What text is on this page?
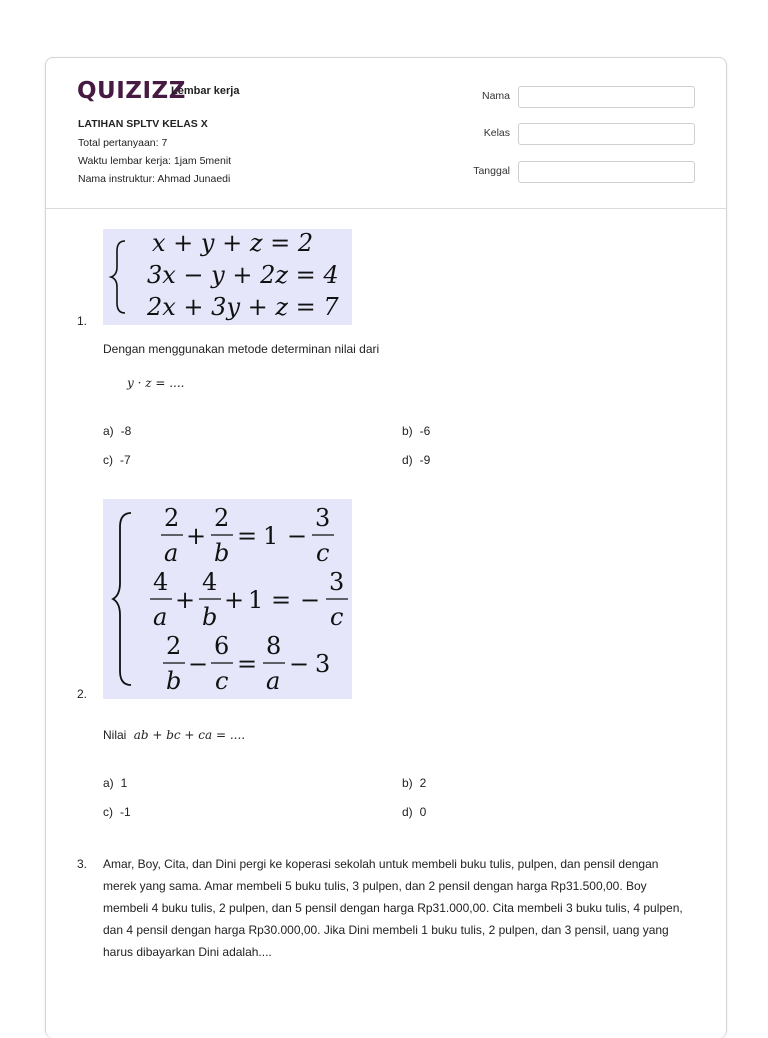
QUIZIZZ
Lembar kerja
LATIHAN SPLTV KELAS X
Total pertanyaan: 7
Waktu lembar kerja: 1jam 5menit
Nama instruktur: Ahmad Junaedi
Nama
Kelas
Tanggal
1.
x + y + z = 2
3x − y + 2z = 4
2x + 3y + z = 7
Dengan menggunakan metode determinan nilai dari
y · z = ....
a) -8	b) -6
c) -7	d) -9
2.
2
a
+
2
b
= 1 −
3
c
4
a
+
4
b
+ 1 = −
3
c
2
b
−
6
c
=
8
a
− 3
Nilai ab + bc + ca = ....
a) 1	b) 2
c) -1	d) 0
3. Amar, Boy, Cita, dan Dini pergi ke koperasi sekolah untuk membeli buku tulis, pulpen, dan pensil dengan merek yang sama. Amar membeli 5 buku tulis, 3 pulpen, dan 2 pensil dengan harga Rp31.500,00. Boy membeli 4 buku tulis, 2 pulpen, dan 5 pensil dengan harga Rp31.000,00. Cita membeli 3 buku tulis, 4 pulpen, dan 4 pensil dengan harga Rp30.000,00. Jika Dini membeli 1 buku tulis, 2 pulpen, dan 3 pensil, uang yang harus dibayarkan Dini adalah....
